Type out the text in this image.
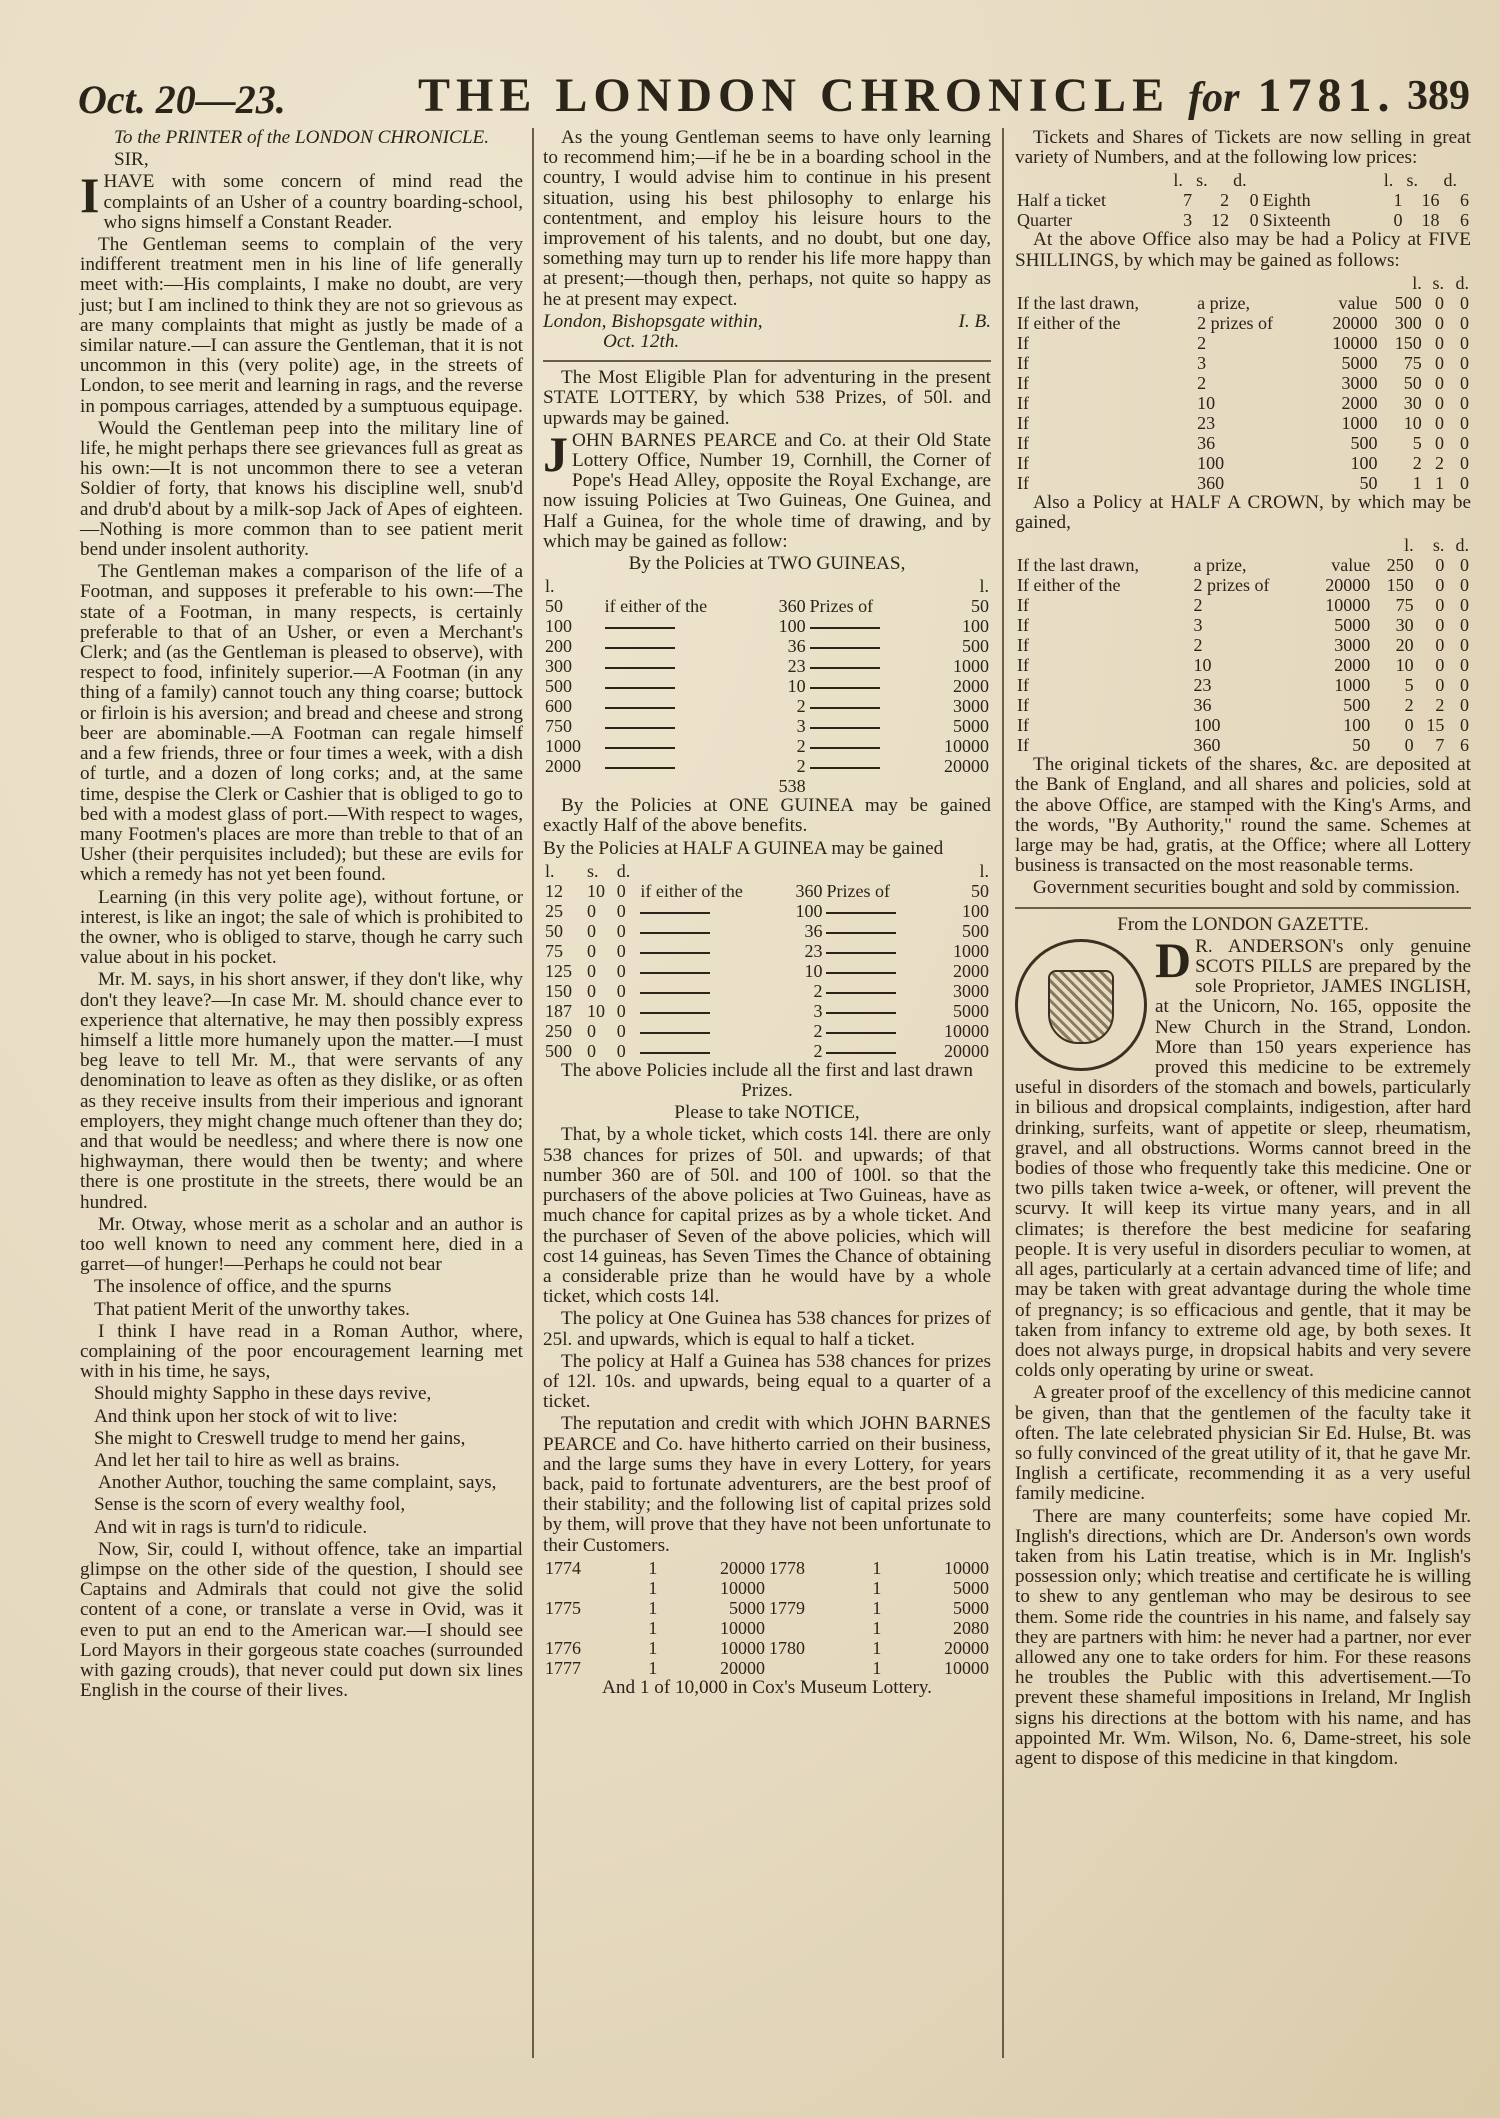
Oct. 20—23.	THE LONDON CHRONICLE for 1781. 389

To the PRINTER of the LONDON CHRONICLE.

SIR,

IHAVE with some concern of mind read the complaints of an Usher of a country boarding-school, who signs himself a Constant Reader.

The Gentleman seems to complain of the very indifferent treatment men in his line of life generally meet with:—His complaints, I make no doubt, are very just; but I am inclined to think they are not so grievous as are many complaints that might as justly be made of a similar nature.—I can assure the Gentleman, that it is not uncommon in this (very polite) age, in the streets of London, to see merit and learning in rags, and the reverse in pompous carriages, attended by a sumptuous equipage.

Would the Gentleman peep into the military line of life, he might perhaps there see grievances full as great as his own:—It is not uncommon there to see a veteran Soldier of forty, that knows his discipline well, snub'd and drub'd about by a milk-sop Jack of Apes of eighteen.—Nothing is more common than to see patient merit bend under insolent authority.

The Gentleman makes a comparison of the life of a Footman, and supposes it preferable to his own:—The state of a Footman, in many respects, is certainly preferable to that of an Usher, or even a Merchant's Clerk; and (as the Gentleman is pleased to observe), with respect to food, infinitely superior.—A Footman (in any thing of a family) cannot touch any thing coarse; buttock or firloin is his aversion; and bread and cheese and strong beer are abominable.—A Footman can regale himself and a few friends, three or four times a week, with a dish of turtle, and a dozen of long corks; and, at the same time, despise the Clerk or Cashier that is obliged to go to bed with a modest glass of port.—With respect to wages, many Footmen's places are more than treble to that of an Usher (their perquisites included); but these are evils for which a remedy has not yet been found.

Learning (in this very polite age), without fortune, or interest, is like an ingot; the sale of which is prohibited to the owner, who is obliged to starve, though he carry such value about in his pocket.

Mr. M. says, in his short answer, if they don't like, why don't they leave?—In case Mr. M. should chance ever to experience that alternative, he may then possibly express himself a little more humanely upon the matter.—I must beg leave to tell Mr. M., that were servants of any denomination to leave as often as they dislike, or as often as they receive insults from their imperious and ignorant employers, they might change much oftener than they do; and that would be needless; and where there is now one highwayman, there would then be twenty; and where there is one prostitute in the streets, there would be an hundred.

Mr. Otway, whose merit as a scholar and an author is too well known to need any comment here, died in a garret—of hunger!—Perhaps he could not bear

The insolence of office, and the spurns

That patient Merit of the unworthy takes.

I think I have read in a Roman Author, where, complaining of the poor encouragement learning met with in his time, he says,

Should mighty Sappho in these days revive,

And think upon her stock of wit to live:

She might to Creswell trudge to mend her gains,

And let her tail to hire as well as brains.

Another Author, touching the same complaint, says,

Sense is the scorn of every wealthy fool,

And wit in rags is turn'd to ridicule.

Now, Sir, could I, without offence, take an impartial glimpse on the other side of the question, I should see Captains and Admirals that could not give the solid content of a cone, or translate a verse in Ovid, was it even to put an end to the American war.—I should see Lord Mayors in their gorgeous state coaches (surrounded with gazing crouds), that never could put down six lines English in the course of their lives.

As the young Gentleman seems to have only learning to recommend him;—if he be in a boarding school in the country, I would advise him to continue in his present situation, using his best philosophy to enlarge his contentment, and employ his leisure hours to the improvement of his talents, and no doubt, but one day, something may turn up to render his life more happy than at present;—though then, perhaps, not quite so happy as he at present may expect.

London, Bishopsgate within,	I. B.

Oct. 12th.

The Most Eligible Plan for adventuring in the present STATE LOTTERY, by which 538 Prizes, of 50l. and upwards may be gained.

JOHN BARNES PEARCE and Co. at their Old State Lottery Office, Number 19, Cornhill, the Corner of Pope's Head Alley, opposite the Royal Exchange, are now issuing Policies at Two Guineas, One Guinea, and Half a Guinea, for the whole time of drawing, and by which may be gained as follow:

By the Policies at TWO GUINEAS,

l.				l.
50	if either of the	360	Prizes of	50
100		100		100
200		36		500
300		23		1000
500		10		2000
600		2		3000
750		3		5000
1000		2		10000
2000		2		20000
		538		

By the Policies at ONE GUINEA may be gained exactly Half of the above benefits.

By the Policies at HALF A GUINEA may be gained

l.	s.	d.				l.
12	10	0	if either of the	360	Prizes of	50
25	0	0		100		100
50	0	0		36		500
75	0	0		23		1000
125	0	0		10		2000
150	0	0		2		3000
187	10	0		3		5000
250	0	0		2		10000
500	0	0		2		20000

The above Policies include all the first and last drawn Prizes.

Please to take NOTICE,

That, by a whole ticket, which costs 14l. there are only 538 chances for prizes of 50l. and upwards; of that number 360 are of 50l. and 100 of 100l. so that the purchasers of the above policies at Two Guineas, have as much chance for capital prizes as by a whole ticket. And the purchaser of Seven of the above policies, which will cost 14 guineas, has Seven Times the Chance of obtaining a considerable prize than he would have by a whole ticket, which costs 14l.

The policy at One Guinea has 538 chances for prizes of 25l. and upwards, which is equal to half a ticket.

The policy at Half a Guinea has 538 chances for prizes of 12l. 10s. and upwards, being equal to a quarter of a ticket.

The reputation and credit with which JOHN BARNES PEARCE and Co. have hitherto carried on their business, and the large sums they have in every Lottery, for years back, paid to fortunate adventurers, are the best proof of their stability; and the following list of capital prizes sold by them, will prove that they have not been unfortunate to their Customers.

1774	1	20000	1778	1	10000
	1	10000		1	5000
1775	1	5000	1779	1	5000
	1	10000		1	2080
1776	1	10000	1780	1	20000
1777	1	20000		1	10000

And 1 of 10,000 in Cox's Museum Lottery.

Tickets and Shares of Tickets are now selling in great variety of Numbers, and at the following low prices:

	l.	s.	d.		l.	s.	d.
Half a ticket	7	2	0	Eighth	1	16	6
Quarter	3	12	0	Sixteenth	0	18	6

At the above Office also may be had a Policy at FIVE SHILLINGS, by which may be gained as follows:

			l.	s.	d.
If the last drawn,	a prize,	value	500	0	0
If either of the	2 prizes of	20000	300	0	0
If	2	10000	150	0	0
If	3	5000	75	0	0
If	2	3000	50	0	0
If	10	2000	30	0	0
If	23	1000	10	0	0
If	36	500	5	0	0
If	100	100	2	2	0
If	360	50	1	1	0

Also a Policy at HALF A CROWN, by which may be gained,

			l.	s.	d.
If the last drawn,	a prize,	value	250	0	0
If either of the	2 prizes of	20000	150	0	0
If	2	10000	75	0	0
If	3	5000	30	0	0
If	2	3000	20	0	0
If	10	2000	10	0	0
If	23	1000	5	0	0
If	36	500	2	2	0
If	100	100	0	15	0
If	360	50	0	7	6

The original tickets of the shares, &c. are deposited at the Bank of England, and all shares and policies, sold at the above Office, are stamped with the King's Arms, and the words, "By Authority," round the same. Schemes at large may be had, gratis, at the Office; where all Lottery business is transacted on the most reasonable terms.

Government securities bought and sold by commission.

From the LONDON GAZETTE.

D R. ANDERSON's only genuine SCOTS PILLS are prepared by the sole Proprietor, JAMES INGLISH, at the Unicorn, No. 165, opposite the New Church in the Strand, London. More than 150 years experience has proved this medicine to be extremely useful in disorders of the stomach and bowels, particularly in bilious and dropsical complaints, indigestion, after hard drinking, surfeits, want of appetite or sleep, rheumatism, gravel, and all obstructions. Worms cannot breed in the bodies of those who frequently take this medicine. One or two pills taken twice a-week, or oftener, will prevent the scurvy. It will keep its virtue many years, and in all climates; is therefore the best medicine for seafaring people. It is very useful in disorders peculiar to women, at all ages, particularly at a certain advanced time of life; and may be taken with great advantage during the whole time of pregnancy; is so efficacious and gentle, that it may be taken from infancy to extreme old age, by both sexes. It does not always purge, in dropsical habits and very severe colds only operating by urine or sweat.

A greater proof of the excellency of this medicine cannot be given, than that the gentlemen of the faculty take it often. The late celebrated physician Sir Ed. Hulse, Bt. was so fully convinced of the great utility of it, that he gave Mr. Inglish a certificate, recommending it as a very useful family medicine.

There are many counterfeits; some have copied Mr. Inglish's directions, which are Dr. Anderson's own words taken from his Latin treatise, which is in Mr. Inglish's possession only; which treatise and certificate he is willing to shew to any gentleman who may be desirous to see them. Some ride the countries in his name, and falsely say they are partners with him: he never had a partner, nor ever allowed any one to take orders for him. For these reasons he troubles the Public with this advertisement.—To prevent these shameful impositions in Ireland, Mr Inglish signs his directions at the bottom with his name, and has appointed Mr. Wm. Wilson, No. 6, Dame-street, his sole agent to dispose of this medicine in that kingdom.
